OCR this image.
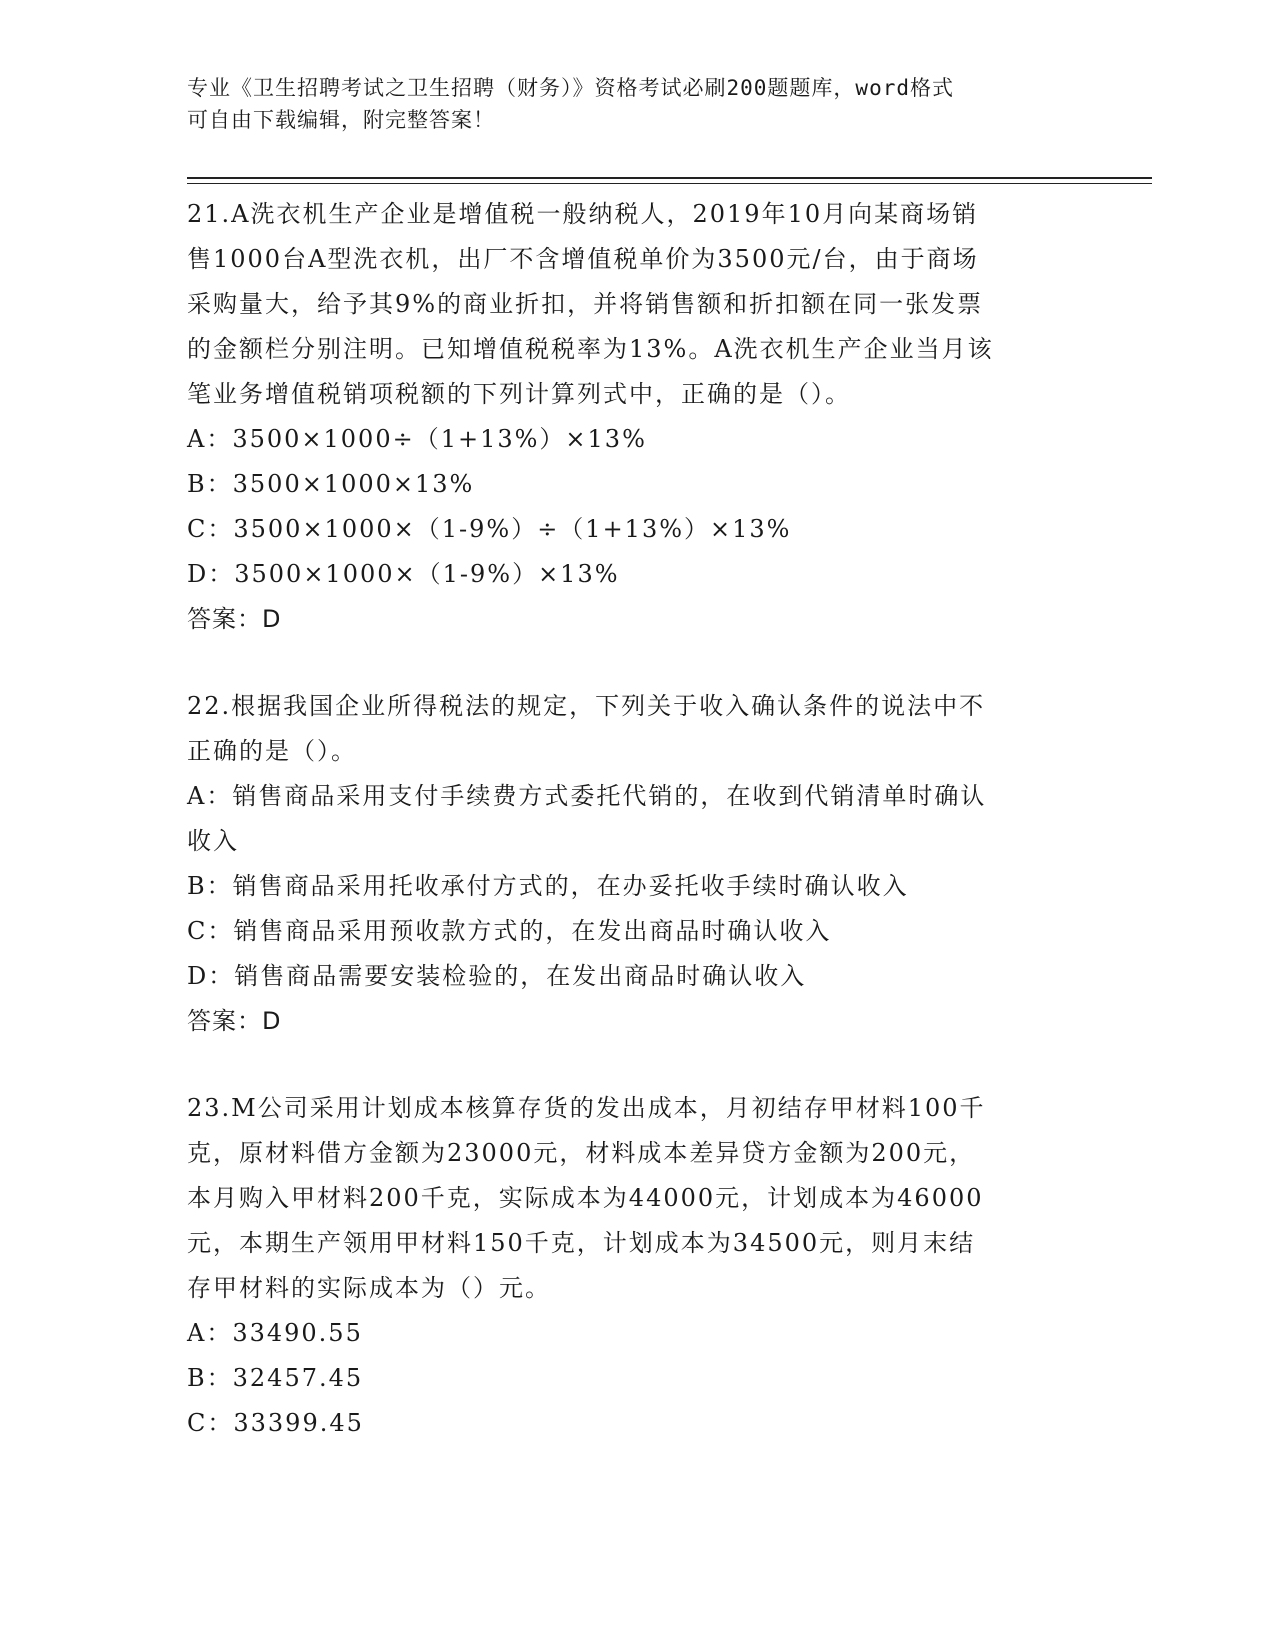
专业《卫生招聘考试之卫生招聘（财务）》资格考试必刷200题题库，word格式
可自由下载编辑，附完整答案！

21.A洗衣机生产企业是增值税一般纳税人，2019年10月向某商场销

售1000台A型洗衣机，出厂不含增值税单价为3500元/台，由于商场

采购量大，给予其9%的商业折扣，并将销售额和折扣额在同一张发票

的金额栏分别注明。已知增值税税率为13%。A洗衣机生产企业当月该

笔业务增值税销项税额的下列计算列式中，正确的是（）。

A：3500×1000÷（1+13%）×13%

B：3500×1000×13%

C：3500×1000×（1-9%）÷（1+13%）×13%

D：3500×1000×（1-9%）×13%

答案：D

22.根据我国企业所得税法的规定，下列关于收入确认条件的说法中不

正确的是（）。

A：销售商品采用支付手续费方式委托代销的，在收到代销清单时确认

收入

B：销售商品采用托收承付方式的，在办妥托收手续时确认收入

C：销售商品采用预收款方式的，在发出商品时确认收入

D：销售商品需要安装检验的，在发出商品时确认收入

答案：D

23.M公司采用计划成本核算存货的发出成本，月初结存甲材料100千

克，原材料借方金额为23000元，材料成本差异贷方金额为200元，

本月购入甲材料200千克，实际成本为44000元，计划成本为46000

元，本期生产领用甲材料150千克，计划成本为34500元，则月末结

存甲材料的实际成本为（）元。

A：33490.55

B：32457.45

C：33399.45
